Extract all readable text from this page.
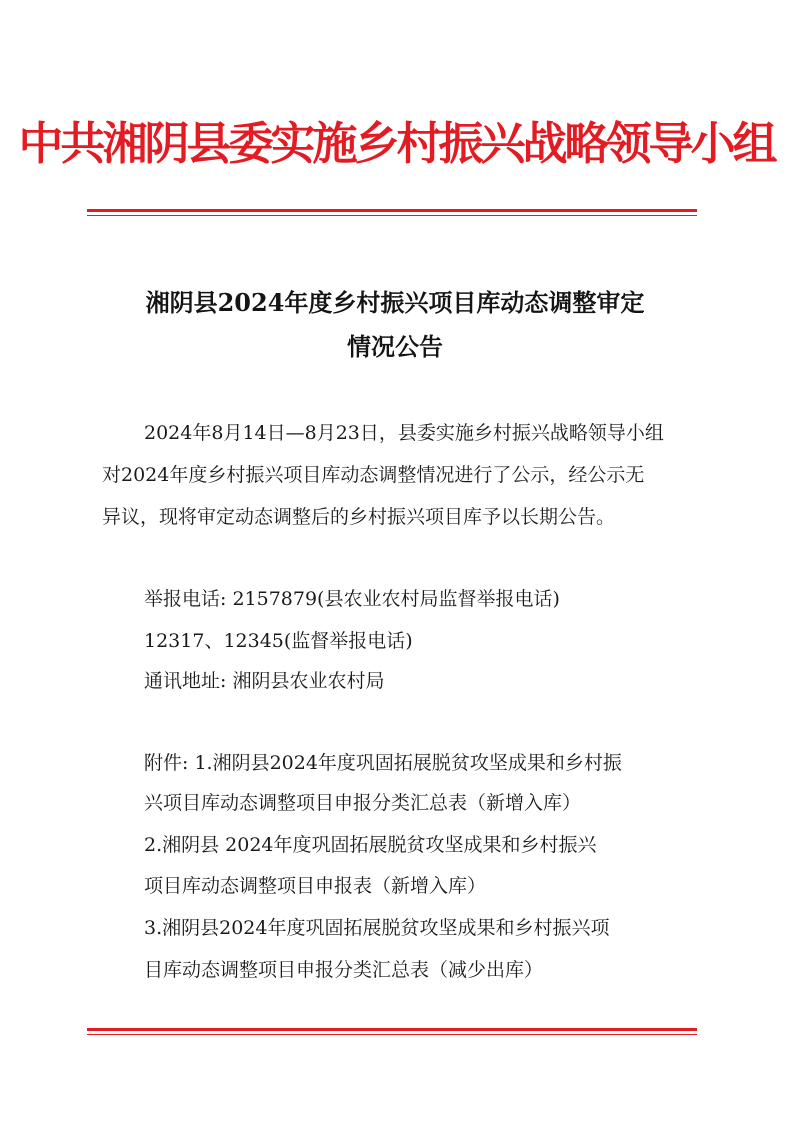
中共湘阴县委实施乡村振兴战略领导小组
湘阴县2024年度乡村振兴项目库动态调整审定
情况公告
2024年8月14日—8月23日，县委实施乡村振兴战略领导小组
对2024年度乡村振兴项目库动态调整情况进行了公示，经公示无
异议，现将审定动态调整后的乡村振兴项目库予以长期公告。
举报电话: 2157879(县农业农村局监督举报电话)
12317、12345(监督举报电话)
通讯地址: 湘阴县农业农村局
附件: 1.湘阴县2024年度巩固拓展脱贫攻坚成果和乡村振
兴项目库动态调整项目申报分类汇总表（新增入库）
2.湘阴县 2024年度巩固拓展脱贫攻坚成果和乡村振兴
项目库动态调整项目申报表（新增入库）
3.湘阴县2024年度巩固拓展脱贫攻坚成果和乡村振兴项
目库动态调整项目申报分类汇总表（减少出库）
